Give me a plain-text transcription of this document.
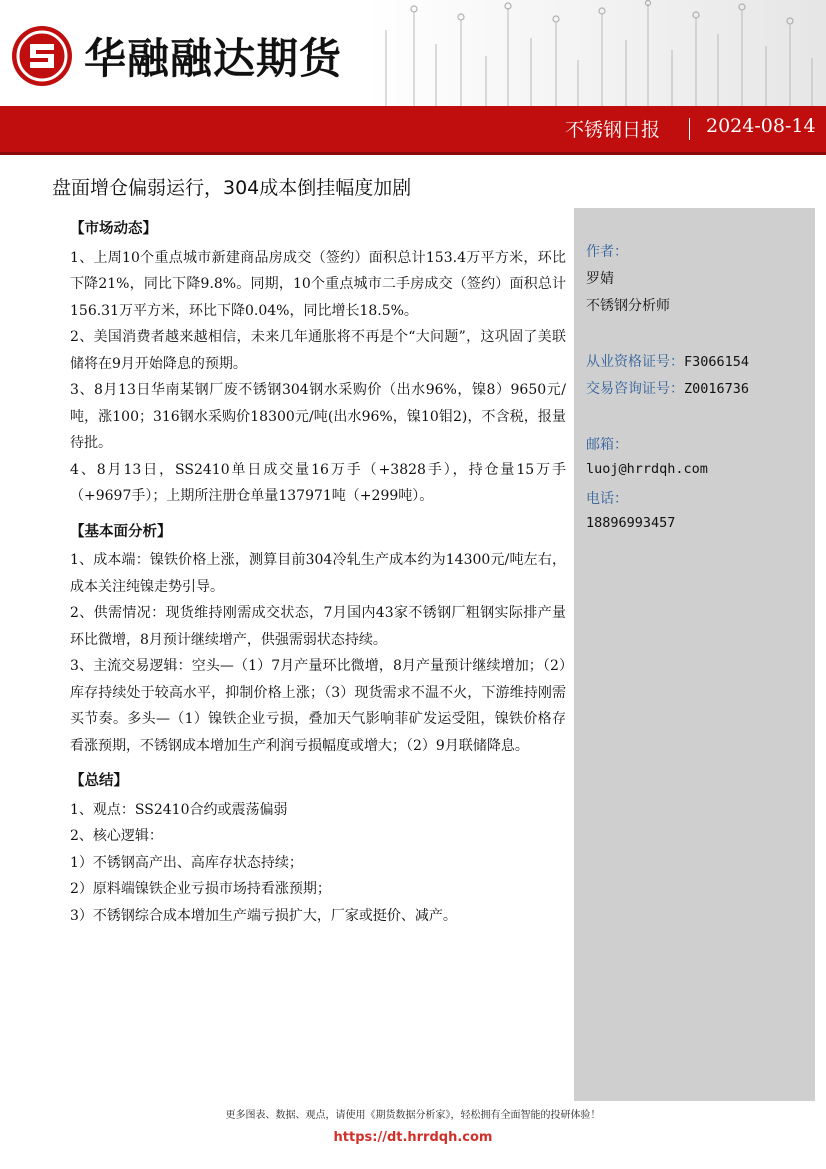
华融融达期货
不锈钢日报 2024-08-14
盘面增仓偏弱运行，304成本倒挂幅度加剧
【市场动态】

1、上周10个重点城市新建商品房成交（签约）面积总计153.4万平方米，环比下降21%，同比下降9.8%。同期，10个重点城市二手房成交（签约）面积总计156.31万平方米，环比下降0.04%，同比增长18.5%。

2、美国消费者越来越相信，未来几年通胀将不再是个“大问题”，这巩固了美联储将在9月开始降息的预期。

3、8月13日华南某钢厂废不锈钢304钢水采购价（出水96%，镍8）9650元/吨，涨100；316钢水采购价18300元/吨(出水96%，镍10钼2)，不含税，报量待批。

4、8月13日，SS2410单日成交量16万手（+3828手），持仓量15万手（+9697手）；上期所注册仓单量137971吨（+299吨）。

【基本面分析】

1、成本端：镍铁价格上涨，测算目前304冷轧生产成本约为14300元/吨左右，成本关注纯镍走势引导。

2、供需情况：现货维持刚需成交状态，7月国内43家不锈钢厂粗钢实际排产量环比微增，8月预计继续增产，供强需弱状态持续。

3、主流交易逻辑：空头—（1）7月产量环比微增，8月产量预计继续增加；（2）库存持续处于较高水平，抑制价格上涨；（3）现货需求不温不火，下游维持刚需买节奏。多头—（1）镍铁企业亏损，叠加天气影响菲矿发运受阻，镍铁价格存看涨预期，不锈钢成本增加生产利润亏损幅度或增大；（2）9月联储降息。

【总结】

1、观点：SS2410合约或震荡偏弱

2、核心逻辑：

1）不锈钢高产出、高库存状态持续；

2）原料端镍铁企业亏损市场持看涨预期；

3）不锈钢综合成本增加生产端亏损扩大，厂家或挺价、减产。

作者：
罗婧
不锈钢分析师
从业资格证号：F3066154
交易咨询证号：Z0016736
邮箱：
luoj@hrrdqh.com
电话：
18896993457
更多图表、数据、观点，请使用《期货数据分析家》，轻松拥有全面智能的投研体验！
https://dt.hrrdqh.com
